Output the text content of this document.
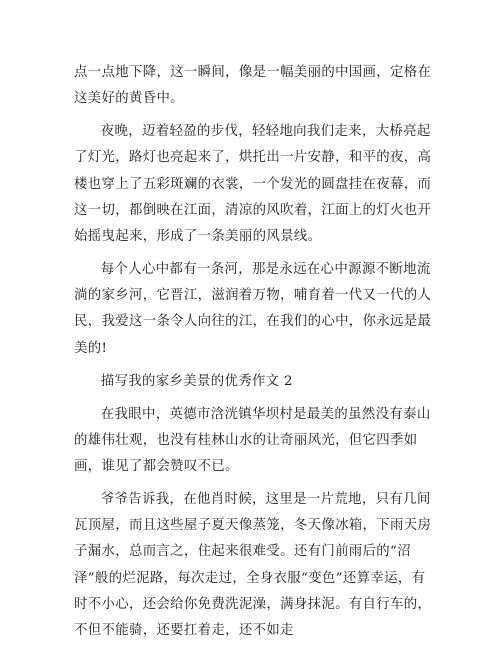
点一点地下降，这一瞬间，像是一幅美丽的中国画，定格在这美好的黄昏中。

夜晚，迈着轻盈的步伐，轻轻地向我们走来，大桥亮起了灯光，路灯也亮起来了，烘托出一片安静，和平的夜，高楼也穿上了五彩斑斓的衣裳，一个发光的圆盘挂在夜幕，而这一切，都倒映在江面，清凉的风吹着，江面上的灯火也开始摇曳起来，形成了一条美丽的风景线。

每个人心中都有一条河，那是永远在心中源源不断地流淌的家乡河，它晋江，滋润着万物，哺育着一代又一代的人民，我爱这一条令人向往的江，在我们的心中，你永远是最美的!

描写我的家乡美景的优秀作文 2

在我眼中，英德市浛洸镇华坝村是最美的虽然没有泰山的雄伟壮观，也没有桂林山水的让奇丽风光，但它四季如画，谁见了都会赞叹不已。

爷爷告诉我，在他肖时候，这里是一片荒地，只有几间瓦顶屋，而且这些屋子夏天像蒸笼，冬天像冰箱，下雨天房子漏水，总而言之，住起来很难受。还有门前雨后的“沼泽”般的烂泥路，每次走过，全身衣服“变色”还算幸运，有时不小心，还会给你免费洗泥澡，满身抹泥。有自行车的，不但不能骑，还要扛着走，还不如走
